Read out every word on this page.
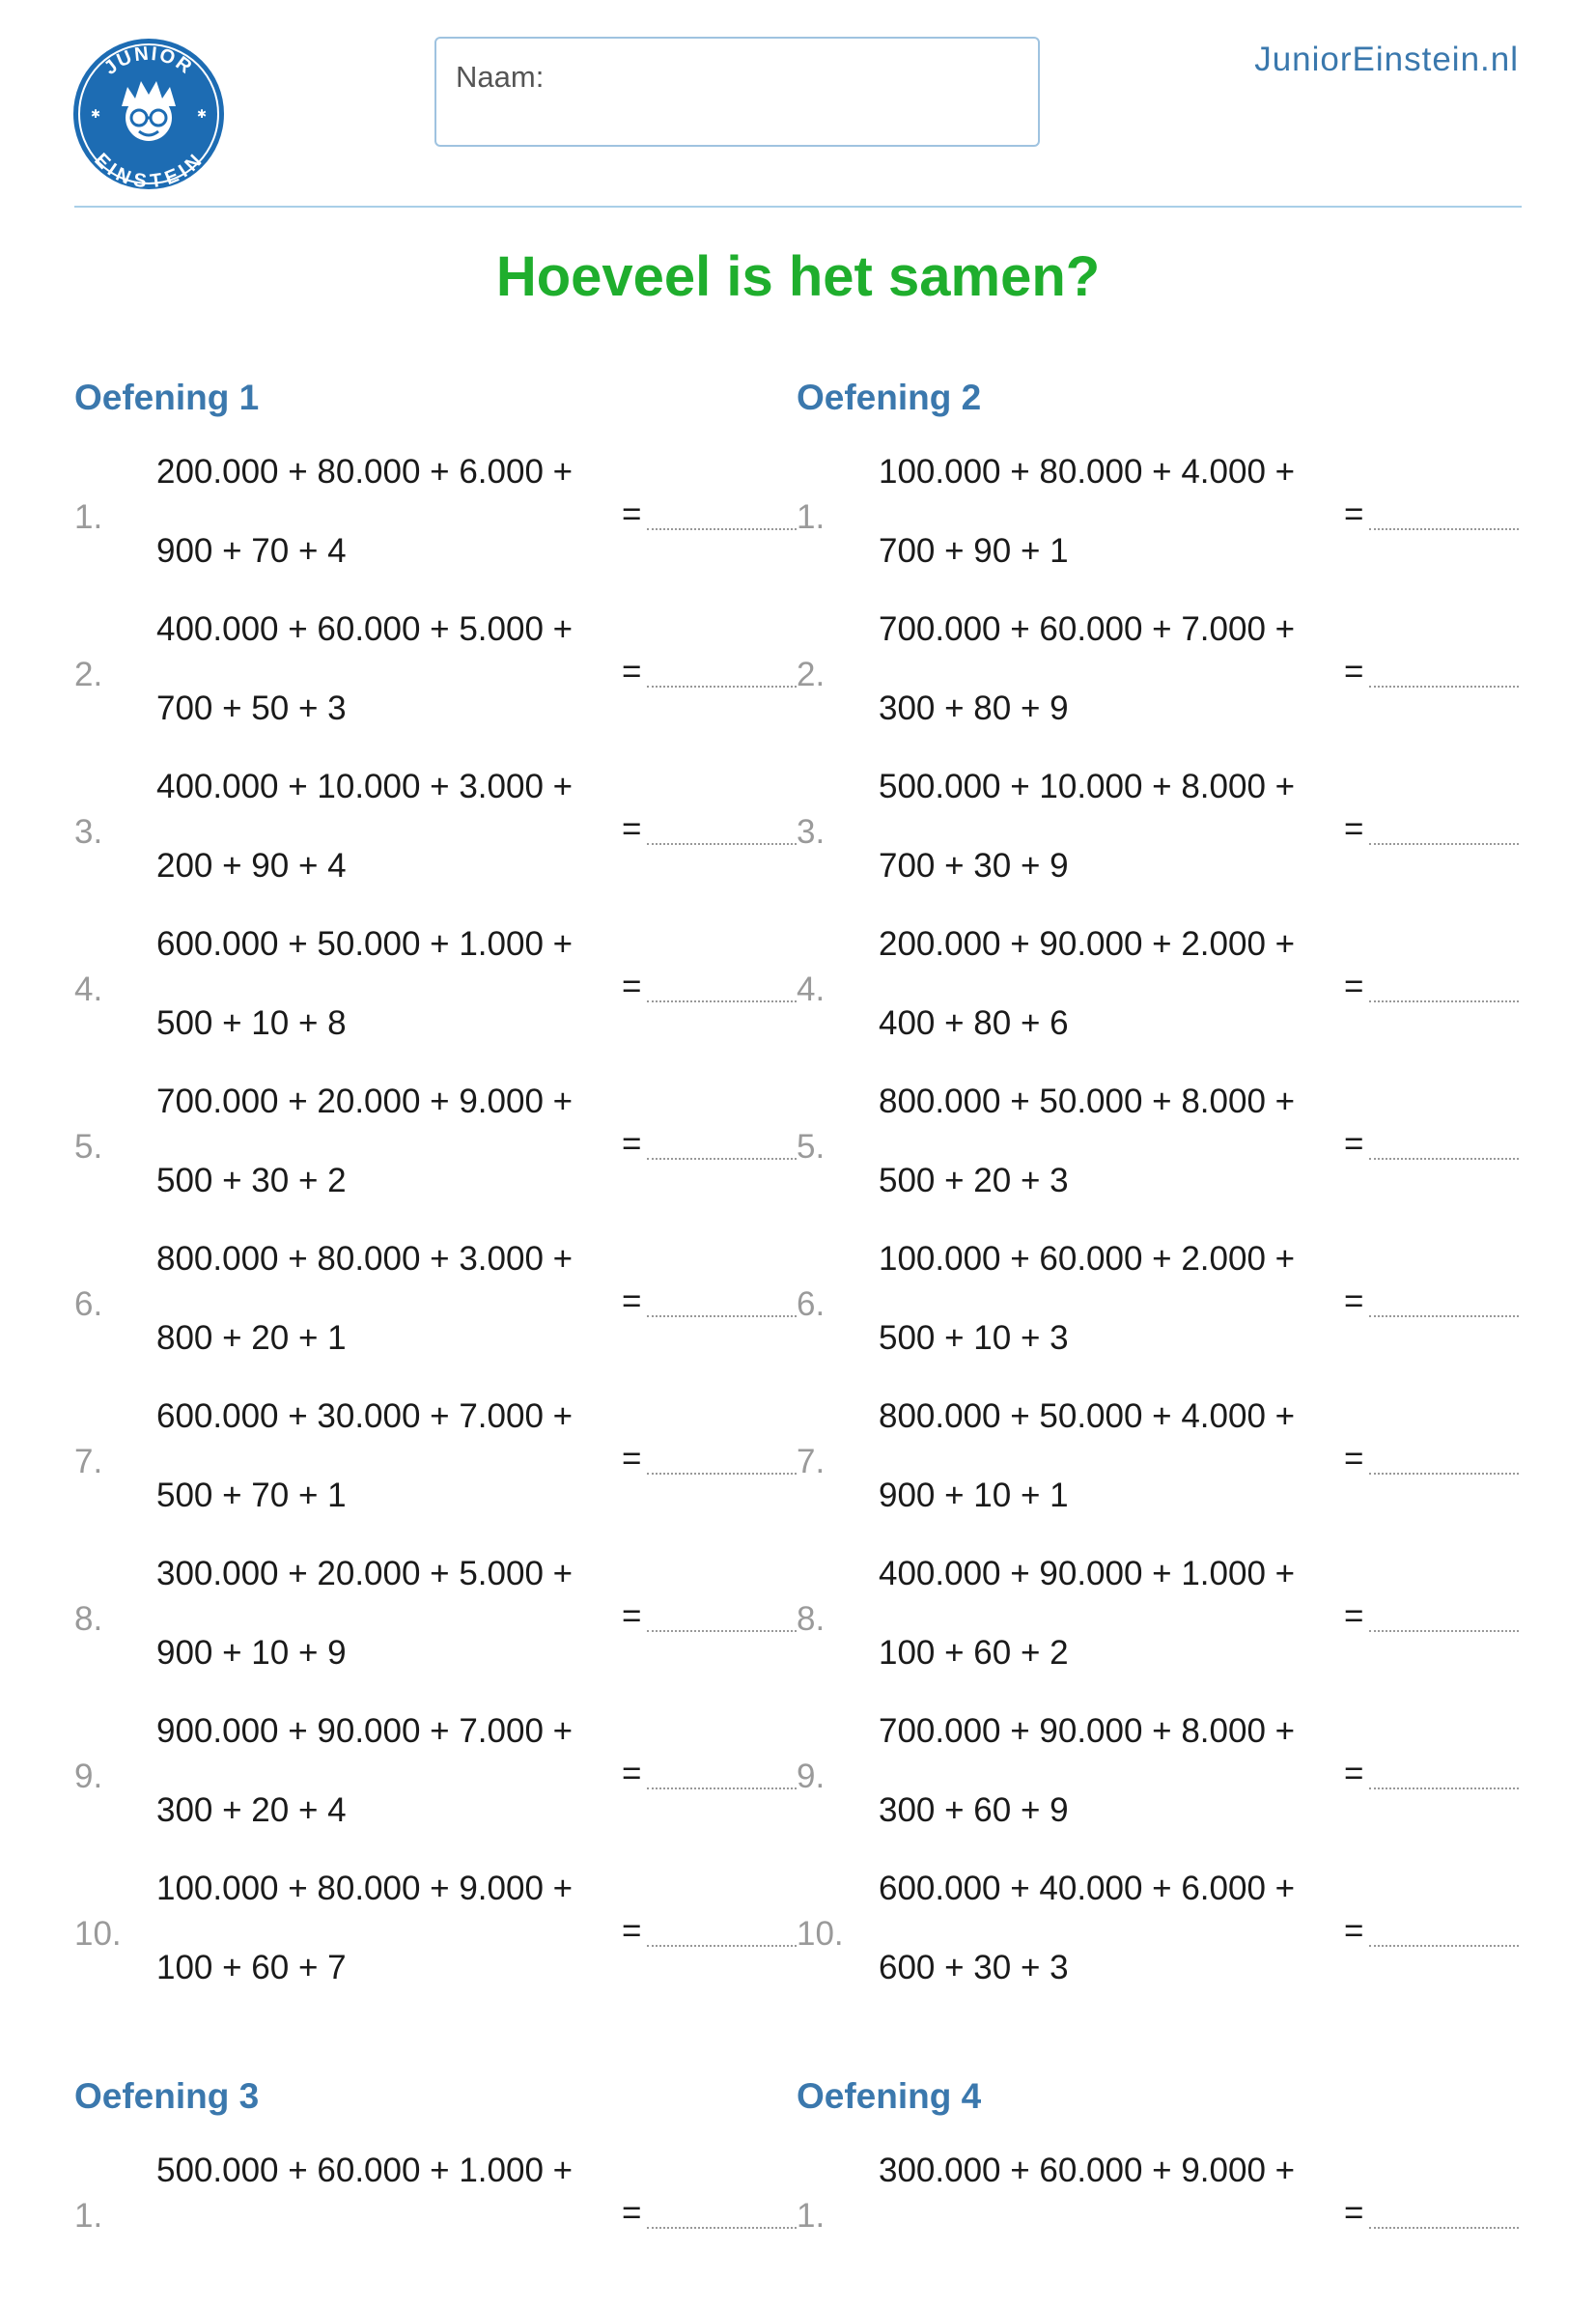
JUNIOR
EINSTEIN
✱	✱
Naam:	JuniorEinstein.nl
Hoeveel is het samen?
Oefening 1
1.
200.000 + 80.000 + 6.000 +
900 + 70 + 4
=
2.
400.000 + 60.000 + 5.000 +
700 + 50 + 3
=
3.
400.000 + 10.000 + 3.000 +
200 + 90 + 4
=
4.
600.000 + 50.000 + 1.000 +
500 + 10 + 8
=
5.
700.000 + 20.000 + 9.000 +
500 + 30 + 2
=
6.
800.000 + 80.000 + 3.000 +
800 + 20 + 1
=
7.
600.000 + 30.000 + 7.000 +
500 + 70 + 1
=
8.
300.000 + 20.000 + 5.000 +
900 + 10 + 9
=
9.
900.000 + 90.000 + 7.000 +
300 + 20 + 4
=
10.
100.000 + 80.000 + 9.000 +
100 + 60 + 7
=
Oefening 2
1.
100.000 + 80.000 + 4.000 +
700 + 90 + 1
=
2.
700.000 + 60.000 + 7.000 +
300 + 80 + 9
=
3.
500.000 + 10.000 + 8.000 +
700 + 30 + 9
=
4.
200.000 + 90.000 + 2.000 +
400 + 80 + 6
=
5.
800.000 + 50.000 + 8.000 +
500 + 20 + 3
=
6.
100.000 + 60.000 + 2.000 +
500 + 10 + 3
=
7.
800.000 + 50.000 + 4.000 +
900 + 10 + 1
=
8.
400.000 + 90.000 + 1.000 +
100 + 60 + 2
=
9.
700.000 + 90.000 + 8.000 +
300 + 60 + 9
=
10.
600.000 + 40.000 + 6.000 +
600 + 30 + 3
=
Oefening 3
1.
500.000 + 60.000 + 1.000 +
=
Oefening 4
1.
300.000 + 60.000 + 9.000 +
=
